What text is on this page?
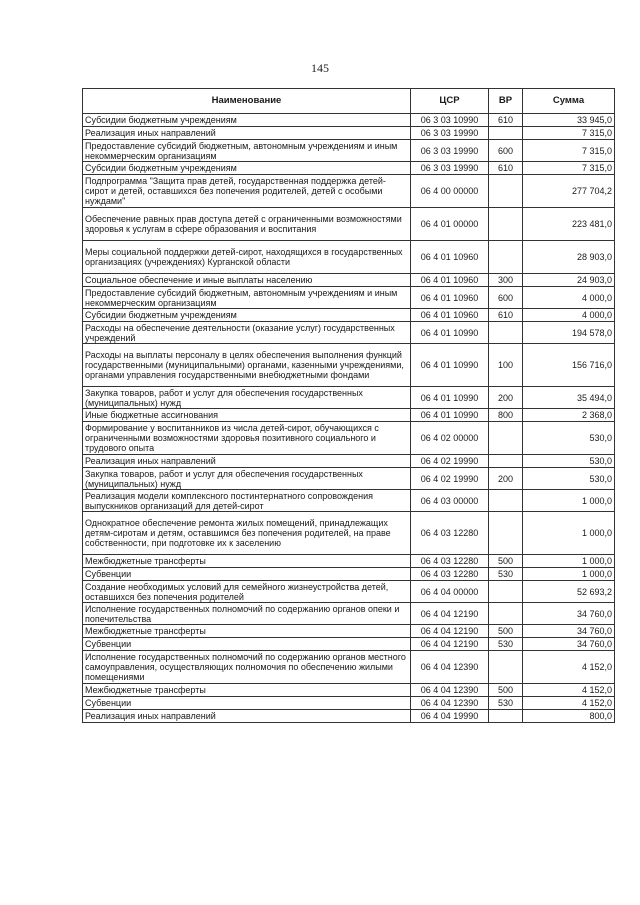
145
Наименование	ЦСР	ВР	Сумма
Субсидии бюджетным учреждениям	06 3 03 10990	610	33 945,0
Реализация иных направлений	06 3 03 19990		7 315,0
Предоставление субсидий бюджетным, автономным учреждениям и иным некоммерческим организациям	06 3 03 19990	600	7 315,0
Субсидии бюджетным учреждениям	06 3 03 19990	610	7 315,0
Подпрограмма "Защита прав детей, государственная поддержка детей-сирот и детей, оставшихся без попечения родителей, детей с особыми нуждами"	06 4 00 00000		277 704,2
Обеспечение равных прав доступа детей с ограниченными возможностями здоровья к услугам в сфере образования и воспитания	06 4 01 00000		223 481,0
Меры социальной поддержки детей-сирот, находящихся в государственных организациях (учреждениях) Курганской области	06 4 01 10960		28 903,0
Социальное обеспечение и иные выплаты населению	06 4 01 10960	300	24 903,0
Предоставление субсидий бюджетным, автономным учреждениям и иным некоммерческим организациям	06 4 01 10960	600	4 000,0
Субсидии бюджетным учреждениям	06 4 01 10960	610	4 000,0
Расходы на обеспечение деятельности (оказание услуг) государственных учреждений	06 4 01 10990		194 578,0
Расходы на выплаты персоналу в целях обеспечения выполнения функций государственными (муниципальными) органами, казенными учреждениями, органами управления государственными внебюджетными фондами	06 4 01 10990	100	156 716,0
Закупка товаров, работ и услуг для обеспечения государственных (муниципальных) нужд	06 4 01 10990	200	35 494,0
Иные бюджетные ассигнования	06 4 01 10990	800	2 368,0
Формирование у воспитанников из числа детей-сирот, обучающихся с ограниченными возможностями здоровья позитивного социального и трудового опыта	06 4 02 00000		530,0
Реализация иных направлений	06 4 02 19990		530,0
Закупка товаров, работ и услуг для обеспечения государственных (муниципальных) нужд	06 4 02 19990	200	530,0
Реализация модели комплексного постинтернатного сопровождения выпускников организаций для детей-сирот	06 4 03 00000		1 000,0
Однократное обеспечение ремонта жилых помещений, принадлежащих детям-сиротам и детям, оставшимся без попечения родителей, на праве собственности, при подготовке их к заселению	06 4 03 12280		1 000,0
Межбюджетные трансферты	06 4 03 12280	500	1 000,0
Субвенции	06 4 03 12280	530	1 000,0
Создание необходимых условий для семейного жизнеустройства детей, оставшихся без попечения родителей	06 4 04 00000		52 693,2
Исполнение государственных полномочий по содержанию органов опеки и попечительства	06 4 04 12190		34 760,0
Межбюджетные трансферты	06 4 04 12190	500	34 760,0
Субвенции	06 4 04 12190	530	34 760,0
Исполнение государственных полномочий по содержанию органов местного самоуправления, осуществляющих полномочия по обеспечению жилыми помещениями	06 4 04 12390		4 152,0
Межбюджетные трансферты	06 4 04 12390	500	4 152,0
Субвенции	06 4 04 12390	530	4 152,0
Реализация иных направлений	06 4 04 19990		800,0
